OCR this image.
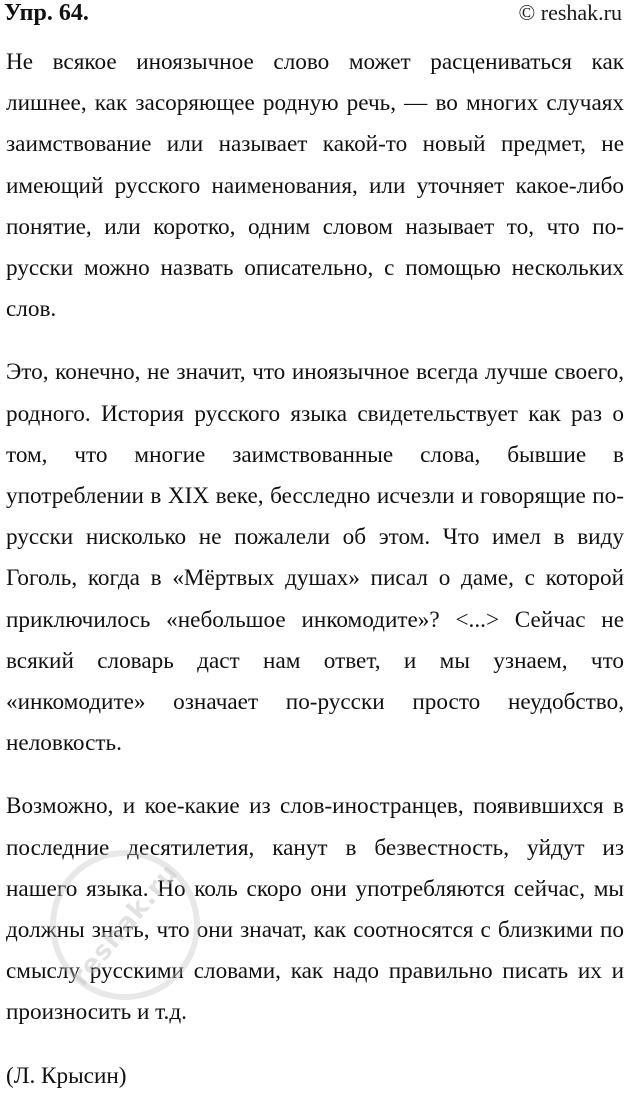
Упр. 64.	© reshak.ru

Не всякое иноязычное слово может расцениваться как лишнее, как засоряющее родную речь, — во многих случаях заимствование или называет какой-то новый предмет, не имеющий русского наименования, или уточняет какое-либо понятие, или коротко, одним словом называет то, что по-русски можно назвать описательно, с помощью нескольких слов.

Это, конечно, не значит, что иноязычное всегда лучше своего, родного. История русского языка свидетельствует как раз о том, что многие заимствованные слова, бывшие в употреблении в XIX веке, бесследно исчезли и говорящие по-русски нисколько не пожалели об этом. Что имел в виду Гоголь, когда в «Мёртвых душах» писал о даме, с которой приключилось «небольшое инкомодите»? <...> Сейчас не всякий словарь даст нам ответ, и мы узнаем, что «инкомодите» означает по-русски просто неудобство, неловкость.

Возможно, и кое-какие из слов-иностранцев, появившихся в последние десятилетия, канут в безвестность, уйдут из нашего языка. Но коль скоро они употребляются сейчас, мы должны знать, что они значат, как соотносятся с близкими по смыслу русскими словами, как надо правильно писать их и произносить и т.д.

(Л. Крысин)

reshak.ru
